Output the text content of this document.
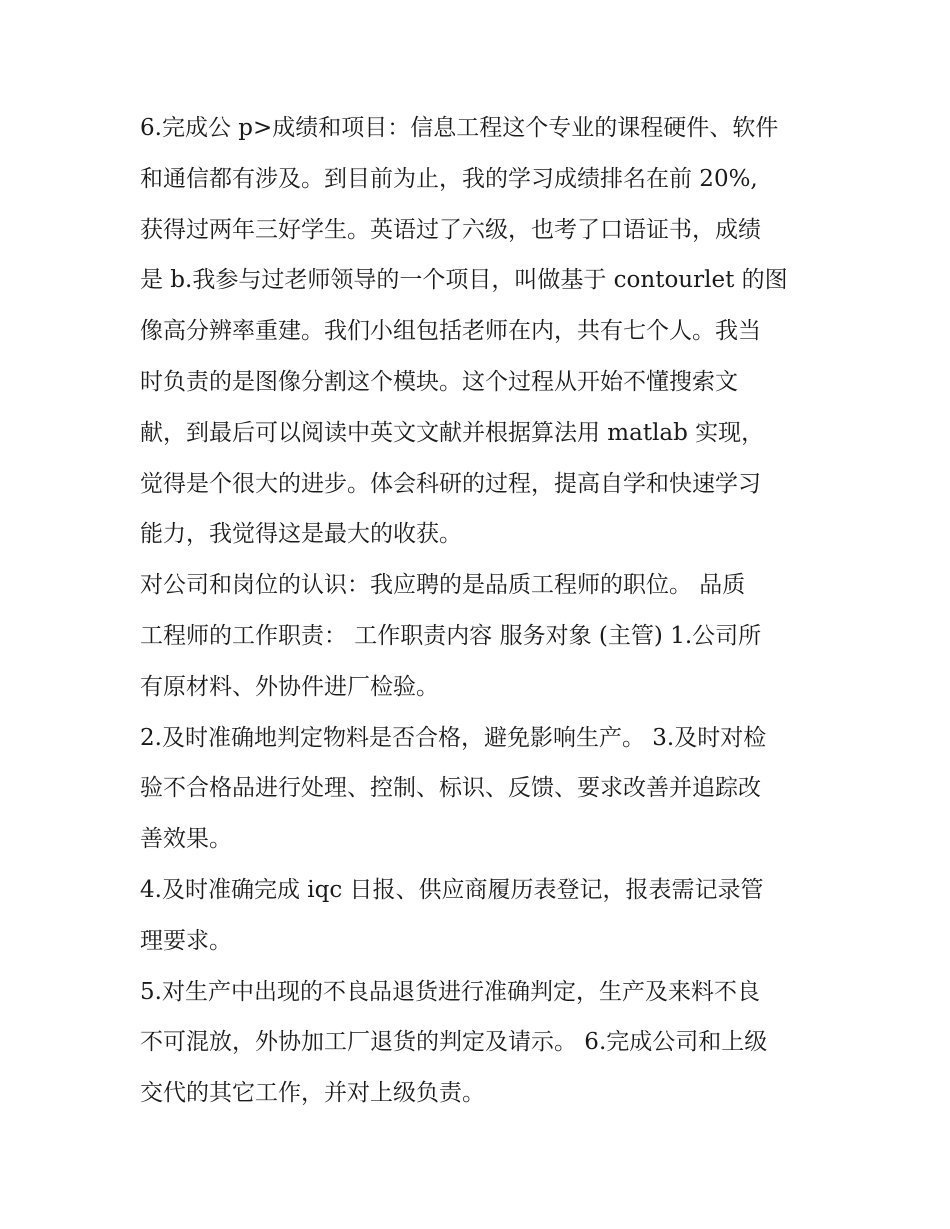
6.完成公 p>成绩和项目：信息工程这个专业的课程硬件、软件
和通信都有涉及。到目前为止，我的学习成绩排名在前 20%,
获得过两年三好学生。英语过了六级，也考了口语证书，成绩
是 b.我参与过老师领导的一个项目，叫做基于 contourlet 的图
像高分辨率重建。我们小组包括老师在内，共有七个人。我当
时负责的是图像分割这个模块。这个过程从开始不懂搜索文
献，到最后可以阅读中英文文献并根据算法用 matlab 实现，
觉得是个很大的进步。体会科研的过程，提高自学和快速学习
能力，我觉得这是最大的收获。
对公司和岗位的认识：我应聘的是品质工程师的职位。 品质
工程师的工作职责： 工作职责内容 服务对象 (主管) 1.公司所
有原材料、外协件进厂检验。
2.及时准确地判定物料是否合格，避免影响生产。 3.及时对检
验不合格品进行处理、控制、标识、反馈、要求改善并追踪改
善效果。
4.及时准确完成 iqc 日报、供应商履历表登记，报表需记录管
理要求。
5.对生产中出现的不良品退货进行准确判定，生产及来料不良
不可混放，外协加工厂退货的判定及请示。 6.完成公司和上级
交代的其它工作，并对上级负责。
